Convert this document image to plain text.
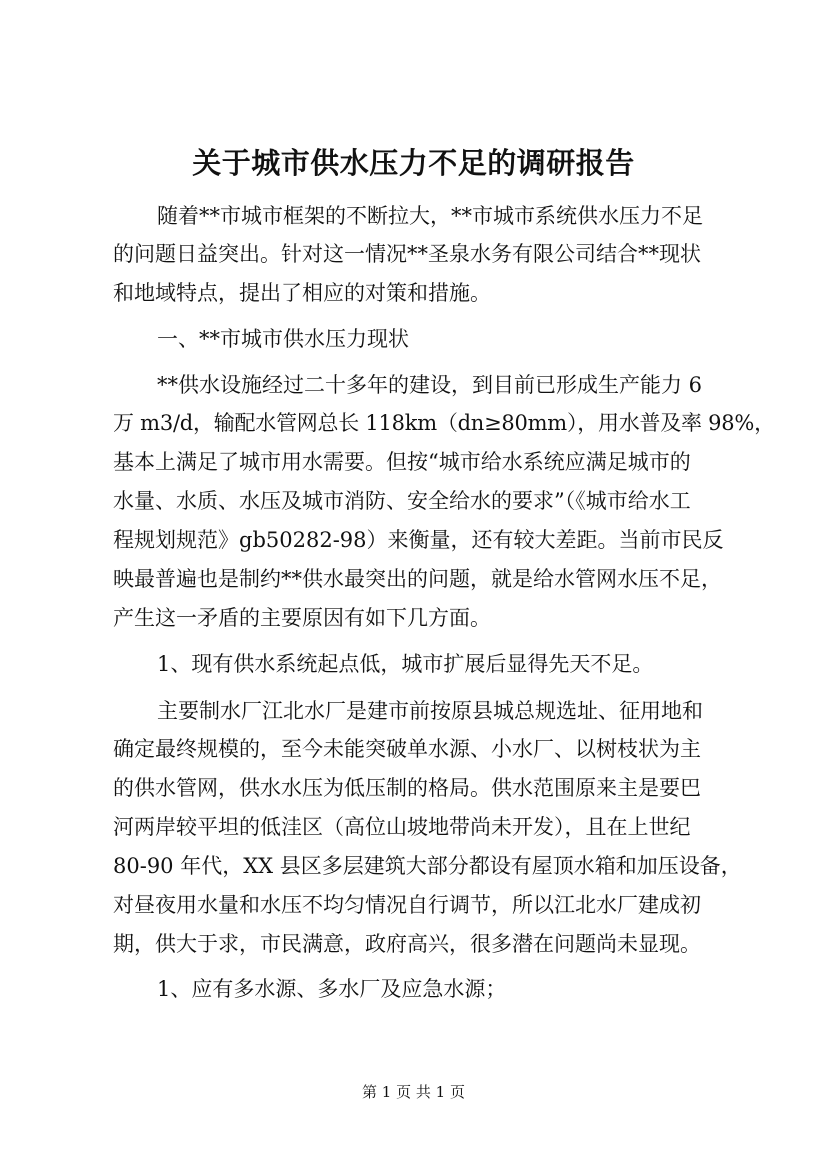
关于城市供水压力不足的调研报告
随着**市城市框架的不断拉大，**市城市系统供水压力不足
的问题日益突出。针对这一情况**圣泉水务有限公司结合**现状
和地域特点，提出了相应的对策和措施。
一、**市城市供水压力现状
**供水设施经过二十多年的建设，到目前已形成生产能力 6
万 m3/d，输配水管网总长 118km（dn≥80mm），用水普及率 98%，
基本上满足了城市用水需要。但按“城市给水系统应满足城市的
水量、水质、水压及城市消防、安全给水的要求”（《城市给水工
程规划规范》gb50282-98）来衡量，还有较大差距。当前市民反
映最普遍也是制约**供水最突出的问题，就是给水管网水压不足，
产生这一矛盾的主要原因有如下几方面。
1、现有供水系统起点低，城市扩展后显得先天不足。
主要制水厂江北水厂是建市前按原县城总规选址、征用地和
确定最终规模的，至今未能突破单水源、小水厂、以树枝状为主
的供水管网，供水水压为低压制的格局。供水范围原来主是要巴
河两岸较平坦的低洼区（高位山坡地带尚未开发），且在上世纪
80-90 年代，XX 县区多层建筑大部分都设有屋顶水箱和加压设备，
对昼夜用水量和水压不均匀情况自行调节，所以江北水厂建成初
期，供大于求，市民满意，政府高兴，很多潜在问题尚未显现。
1、应有多水源、多水厂及应急水源；
第 1 页 共 1 页
